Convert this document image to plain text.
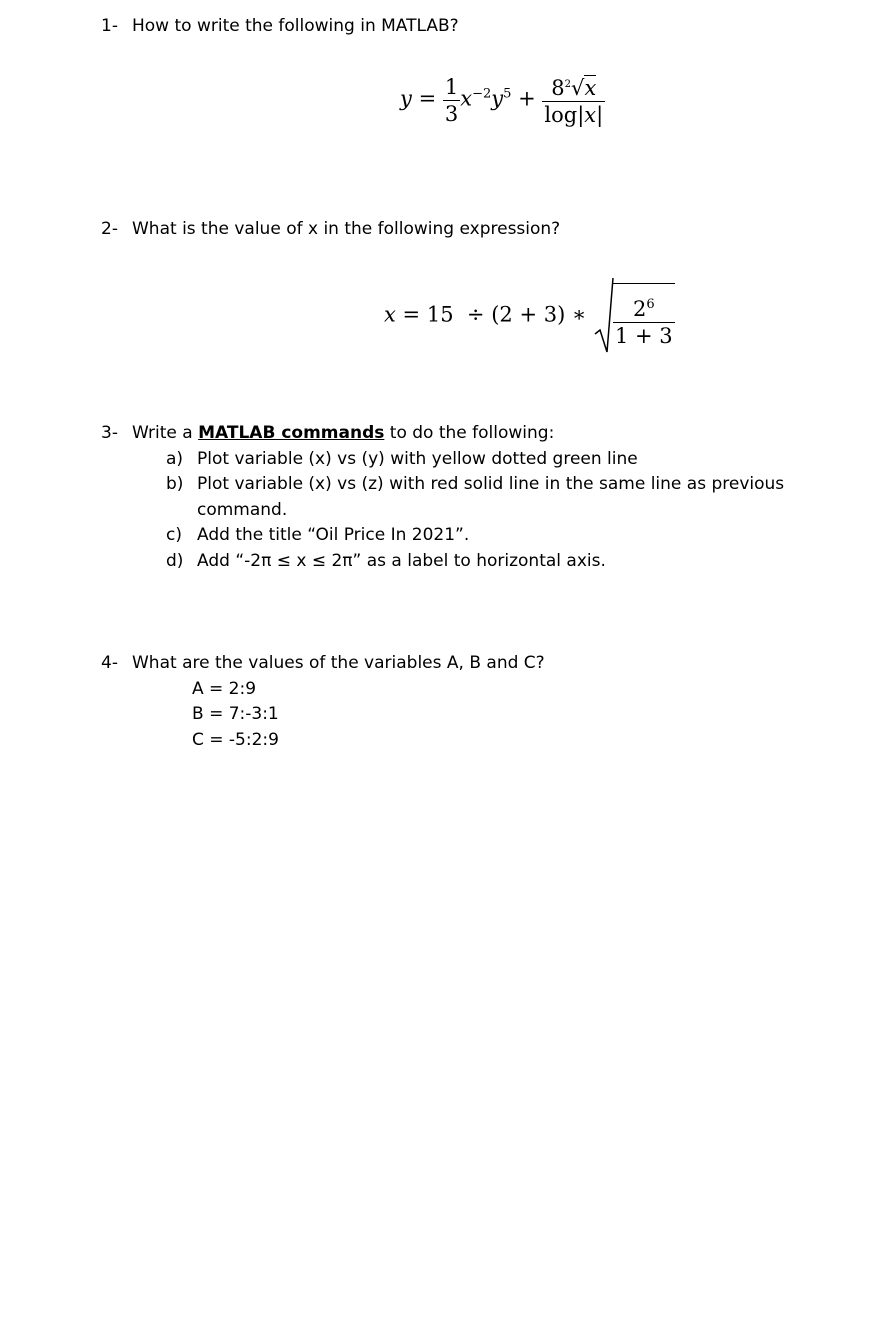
1- How to write the following in MATLAB?
$y = \frac{1}{3} x^{-2}y^5 + \frac{8^2√x}{\log|x|}$
2- What is the value of x in the following expression?
x = 15 ÷ (2 + 3) ∗ $\frac{2^6}{1 + 3}$
3- Write a MATLAB commands to do the following:
a) Plot variable (x) vs (y) with yellow dotted green line
b) Plot variable (x) vs (z) with red solid line in the same line as previous
command.
c) Add the title “Oil Price In 2021”.
d) Add “-2π ≤ x ≤ 2π” as a label to horizontal axis.
4- What are the values of the variables A, B and C?
A = 2:9
B = 7:-3:1
C = -5:2:9
